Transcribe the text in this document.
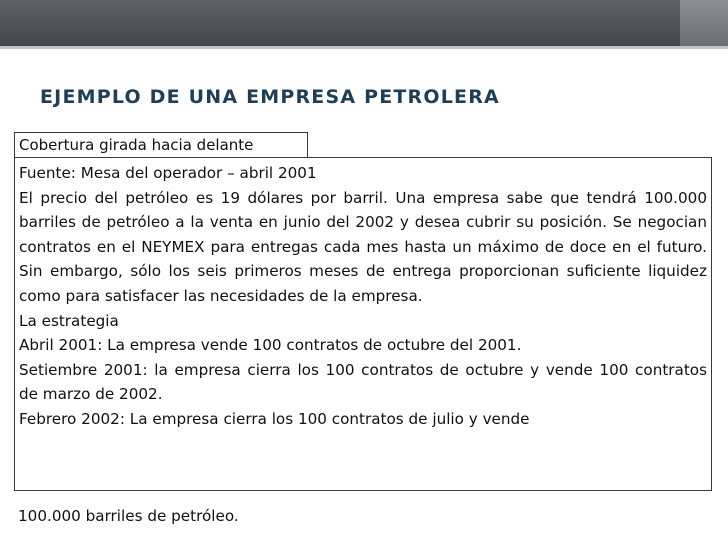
EJEMPLO DE UNA EMPRESA PETROLERA
Cobertura girada hacia delante
Fuente: Mesa del operador – abril 2001
El precio del petróleo es 19 dólares por barril. Una empresa sabe que tendrá 100.000 barriles de petróleo a la venta en junio del 2002 y desea cubrir su posición. Se negocian contratos en el NEYMEX para entregas cada mes hasta un máximo de doce en el futuro. Sin embargo, sólo los seis primeros meses de entrega proporcionan suficiente liquidez como para satisfacer las necesidades de la empresa.
La estrategia
Abril 2001: La empresa vende 100 contratos de octubre del 2001.
Setiembre 2001: la empresa cierra los 100 contratos de octubre y vende 100 contratos de marzo de 2002.
Febrero 2002: La empresa cierra los 100 contratos de julio y vende
100.000 barriles de petróleo.
